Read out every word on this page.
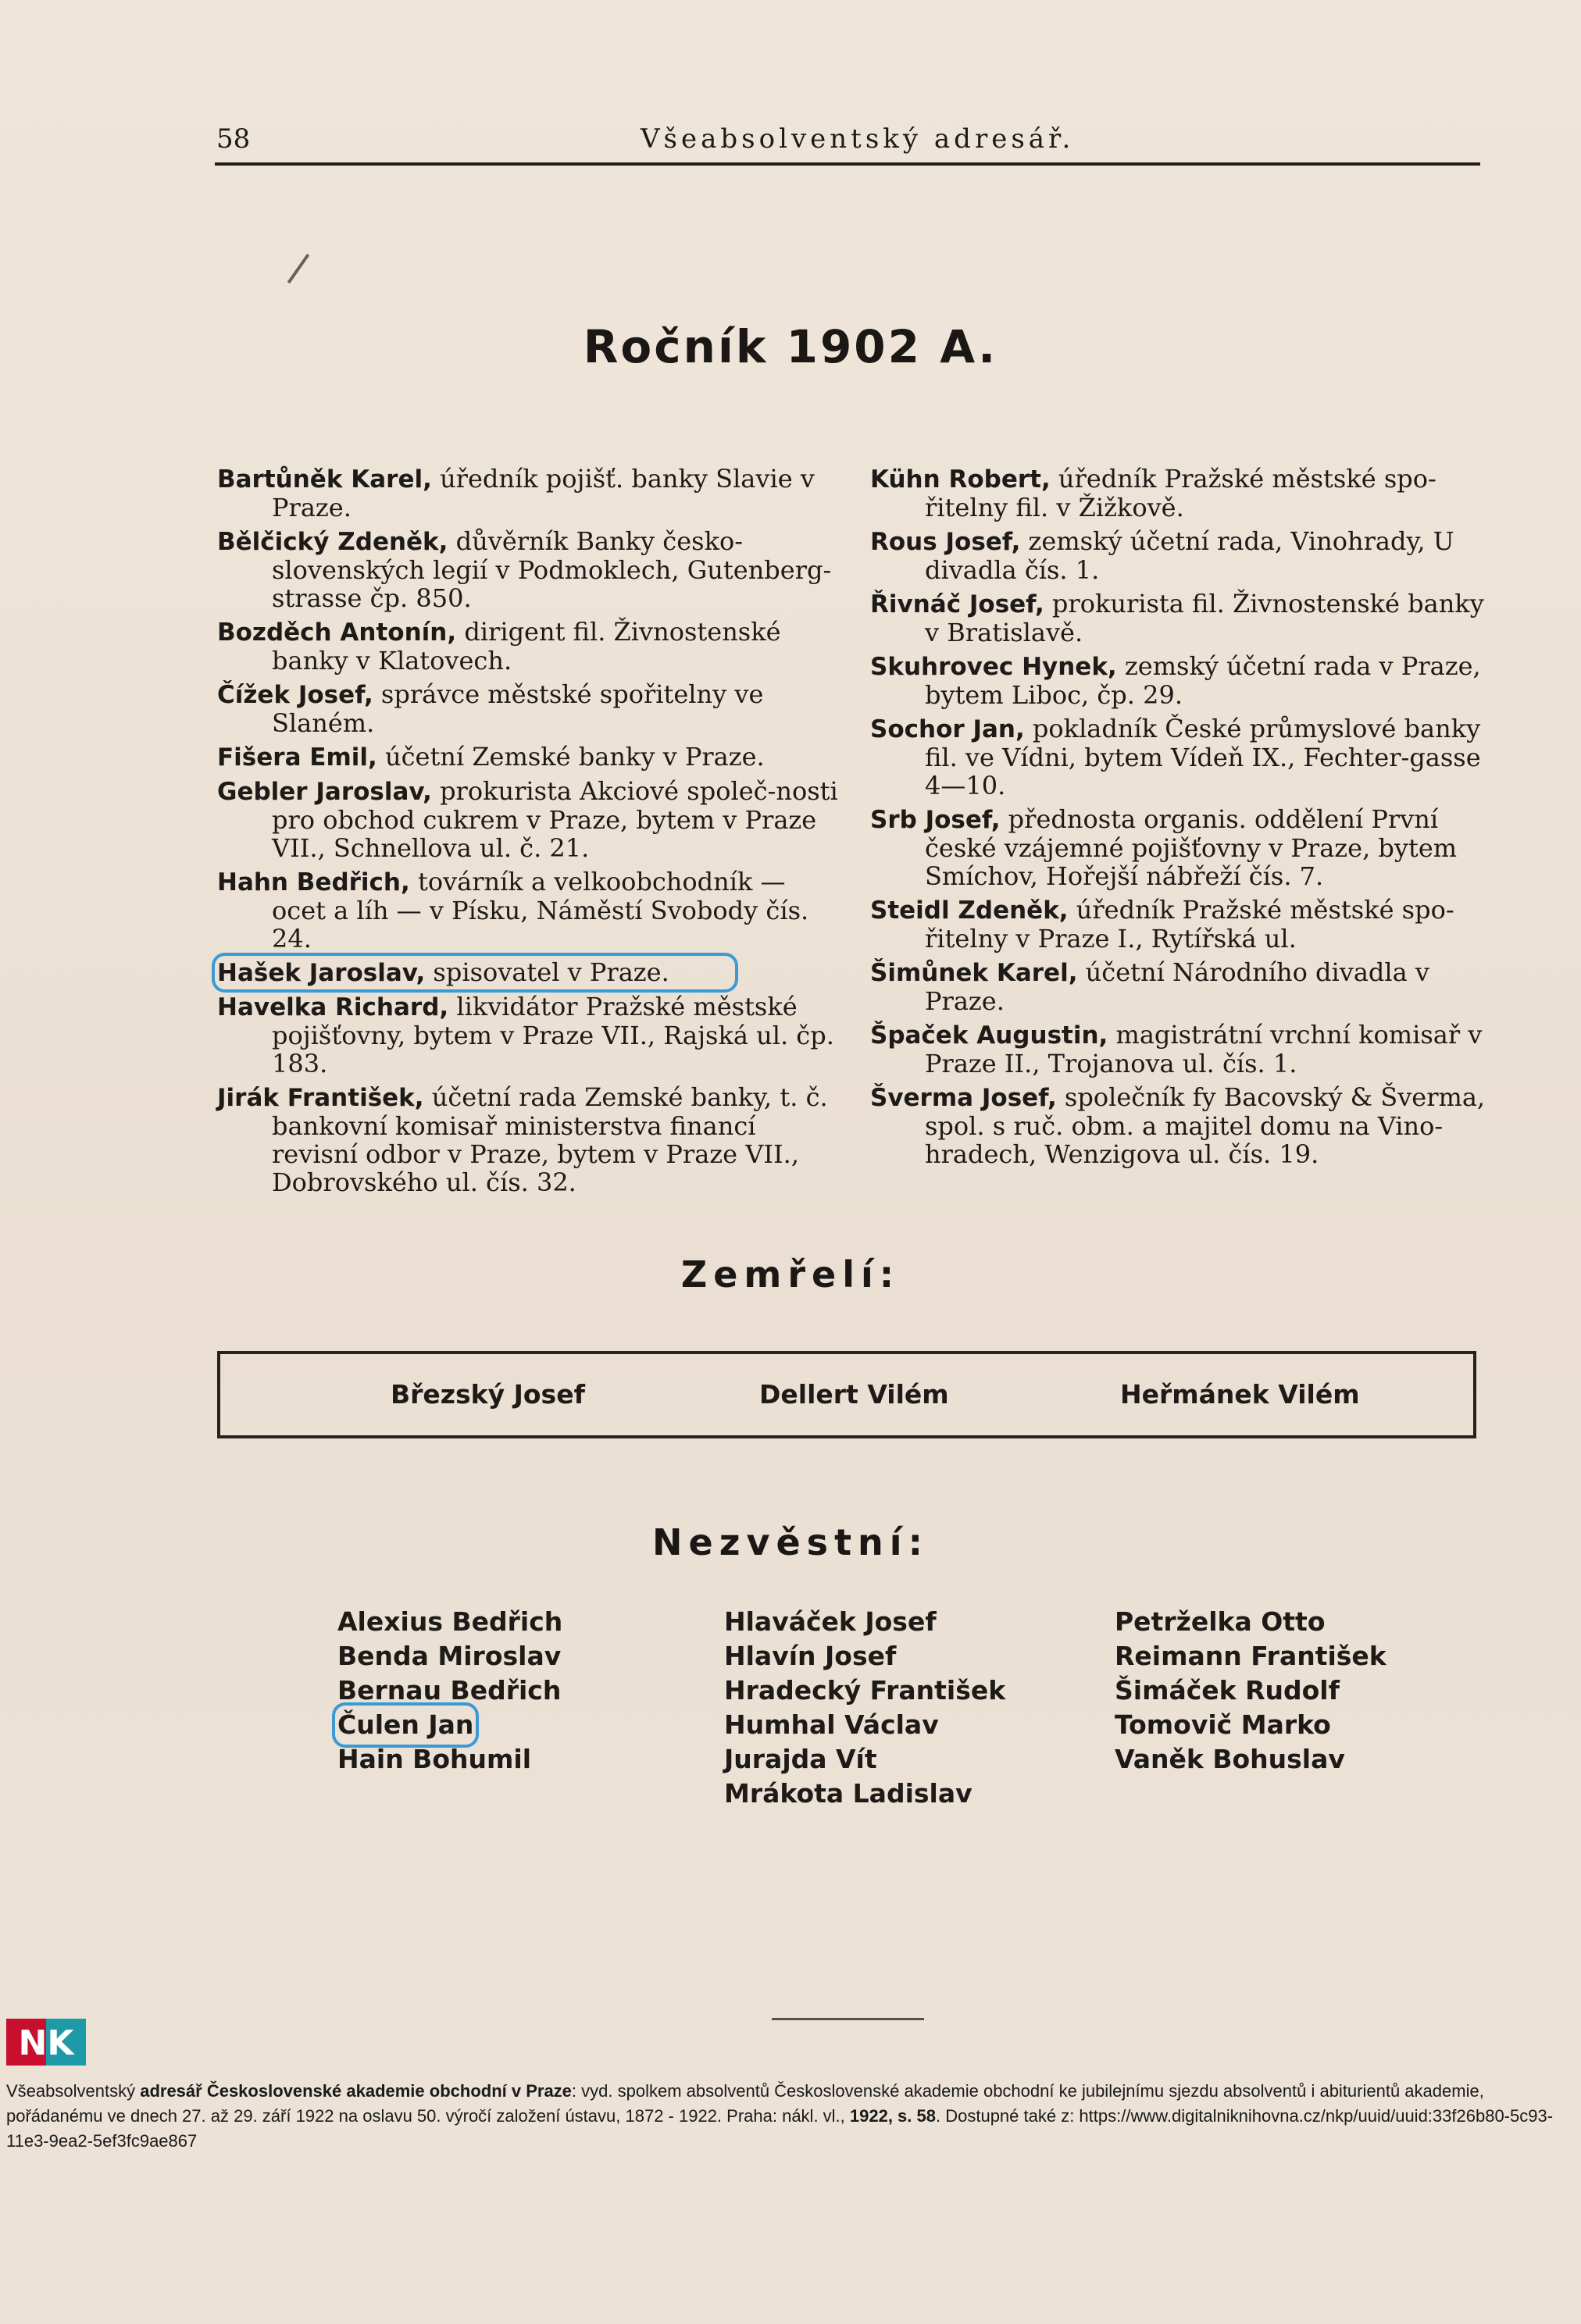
58	Všeabsolventský adresář.
Ročník 1902 A.

Bartůněk Karel, úředník pojišť. banky Slavie v Praze.

Bělčický Zdeněk, důvěrník Banky česko-slovenských legií v Podmoklech, Gutenberg-strasse čp. 850.

Bozděch Antonín, dirigent fil. Živnostenské banky v Klatovech.

Čížek Josef, správce městské spořitelny ve Slaném.

Fišera Emil, účetní Zemské banky v Praze.

Gebler Jaroslav, prokurista Akciové společ-nosti pro obchod cukrem v Praze, bytem v Praze VII., Schnellova ul. č. 21.

Hahn Bedřich, továrník a velkoobchodník — ocet a líh — v Písku, Náměstí Svobody čís. 24.

Hašek Jaroslav, spisovatel v Praze.

Havelka Richard, likvidátor Pražské městské pojišťovny, bytem v Praze VII., Rajská ul. čp. 183.

Jirák František, účetní rada Zemské banky, t. č. bankovní komisař ministerstva financí revisní odbor v Praze, bytem v Praze VII., Dobrovského ul. čís. 32.

Kühn Robert, úředník Pražské městské spo-řitelny fil. v Žižkově.

Rous Josef, zemský účetní rada, Vinohrady, U divadla čís. 1.

Řivnáč Josef, prokurista fil. Živnostenské banky v Bratislavě.

Skuhrovec Hynek, zemský účetní rada v Praze, bytem Liboc, čp. 29.

Sochor Jan, pokladník České průmyslové banky fil. ve Vídni, bytem Vídeň IX., Fechter-gasse 4—10.

Srb Josef, přednosta organis. oddělení První české vzájemné pojišťovny v Praze, bytem Smíchov, Hořejší nábřeží čís. 7.

Steidl Zdeněk, úředník Pražské městské spo-řitelny v Praze I., Rytířská ul.

Šimůnek Karel, účetní Národního divadla v Praze.

Špaček Augustin, magistrátní vrchní komisař v Praze II., Trojanova ul. čís. 1.

Šverma Josef, společník fy Bacovský & Šverma, spol. s ruč. obm. a majitel domu na Vino-hradech, Wenzigova ul. čís. 19.

Zemřelí:
Březský Josef	Dellert Vilém	Heřmánek Vilém
Nezvěstní:
Alexius Bedřich
Benda Miroslav
Bernau Bedřich
Čulen Jan
Hain Bohumil
Hlaváček Josef
Hlavín Josef
Hradecký František
Humhal Václav
Jurajda Vít
Mrákota Ladislav
Petrželka Otto
Reimann František
Šimáček Rudolf
Tomovič Marko
Vaněk Bohuslav
NK
Všeabsolventský adresář Československé akademie obchodní v Praze: vyd. spolkem absolventů Československé akademie obchodní ke jubilejnímu sjezdu absolventů i abiturientů akademie, pořádanému ve dnech 27. až 29. září 1922 na oslavu 50. výročí založení ústavu, 1872 - 1922. Praha: nákl. vl., 1922, s. 58. Dostupné také z: https://www.digitalniknihovna.cz/nkp/uuid/uuid:33f26b80-5c93-11e3-9ea2-5ef3fc9ae867
